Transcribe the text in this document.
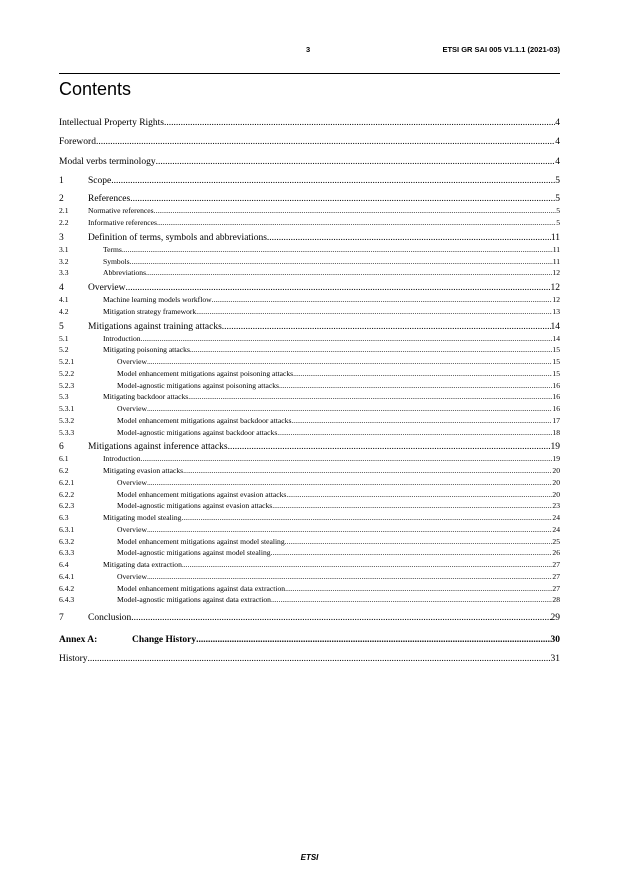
3	ETSI GR SAI 005 V1.1.1 (2021-03)
Contents
Intellectual Property Rights .....	4
Foreword .....	4
Modal verbs terminology .....	4
1	Scope .....	5
2	References .....	5
2.1	Normative references .....	5
2.2	Informative references .....	5
3	Definition of terms, symbols and abbreviations .....	11
3.1	Terms .....	11
3.2	Symbols .....	11
3.3	Abbreviations .....	12
4	Overview .....	12
4.1	Machine learning models workflow .....	12
4.2	Mitigation strategy framework .....	13
5	Mitigations against training attacks .....	14
5.1	Introduction .....	14
5.2	Mitigating poisoning attacks .....	15
5.2.1	Overview .....	15
5.2.2	Model enhancement mitigations against poisoning attacks .....	15
5.2.3	Model-agnostic mitigations against poisoning attacks .....	16
5.3	Mitigating backdoor attacks .....	16
5.3.1	Overview .....	16
5.3.2	Model enhancement mitigations against backdoor attacks .....	17
5.3.3	Model-agnostic mitigations against backdoor attacks .....	18
6	Mitigations against inference attacks .....	19
6.1	Introduction .....	19
6.2	Mitigating evasion attacks .....	20
6.2.1	Overview .....	20
6.2.2	Model enhancement mitigations against evasion attacks .....	20
6.2.3	Model-agnostic mitigations against evasion attacks .....	23
6.3	Mitigating model stealing .....	24
6.3.1	Overview .....	24
6.3.2	Model enhancement mitigations against model stealing .....	25
6.3.3	Model-agnostic mitigations against model stealing .....	26
6.4	Mitigating data extraction .....	27
6.4.1	Overview .....	27
6.4.2	Model enhancement mitigations against data extraction .....	27
6.4.3	Model-agnostic mitigations against data extraction .....	28
7	Conclusion .....	29
Annex A:	Change History .....	30
History .....	31
ETSI
